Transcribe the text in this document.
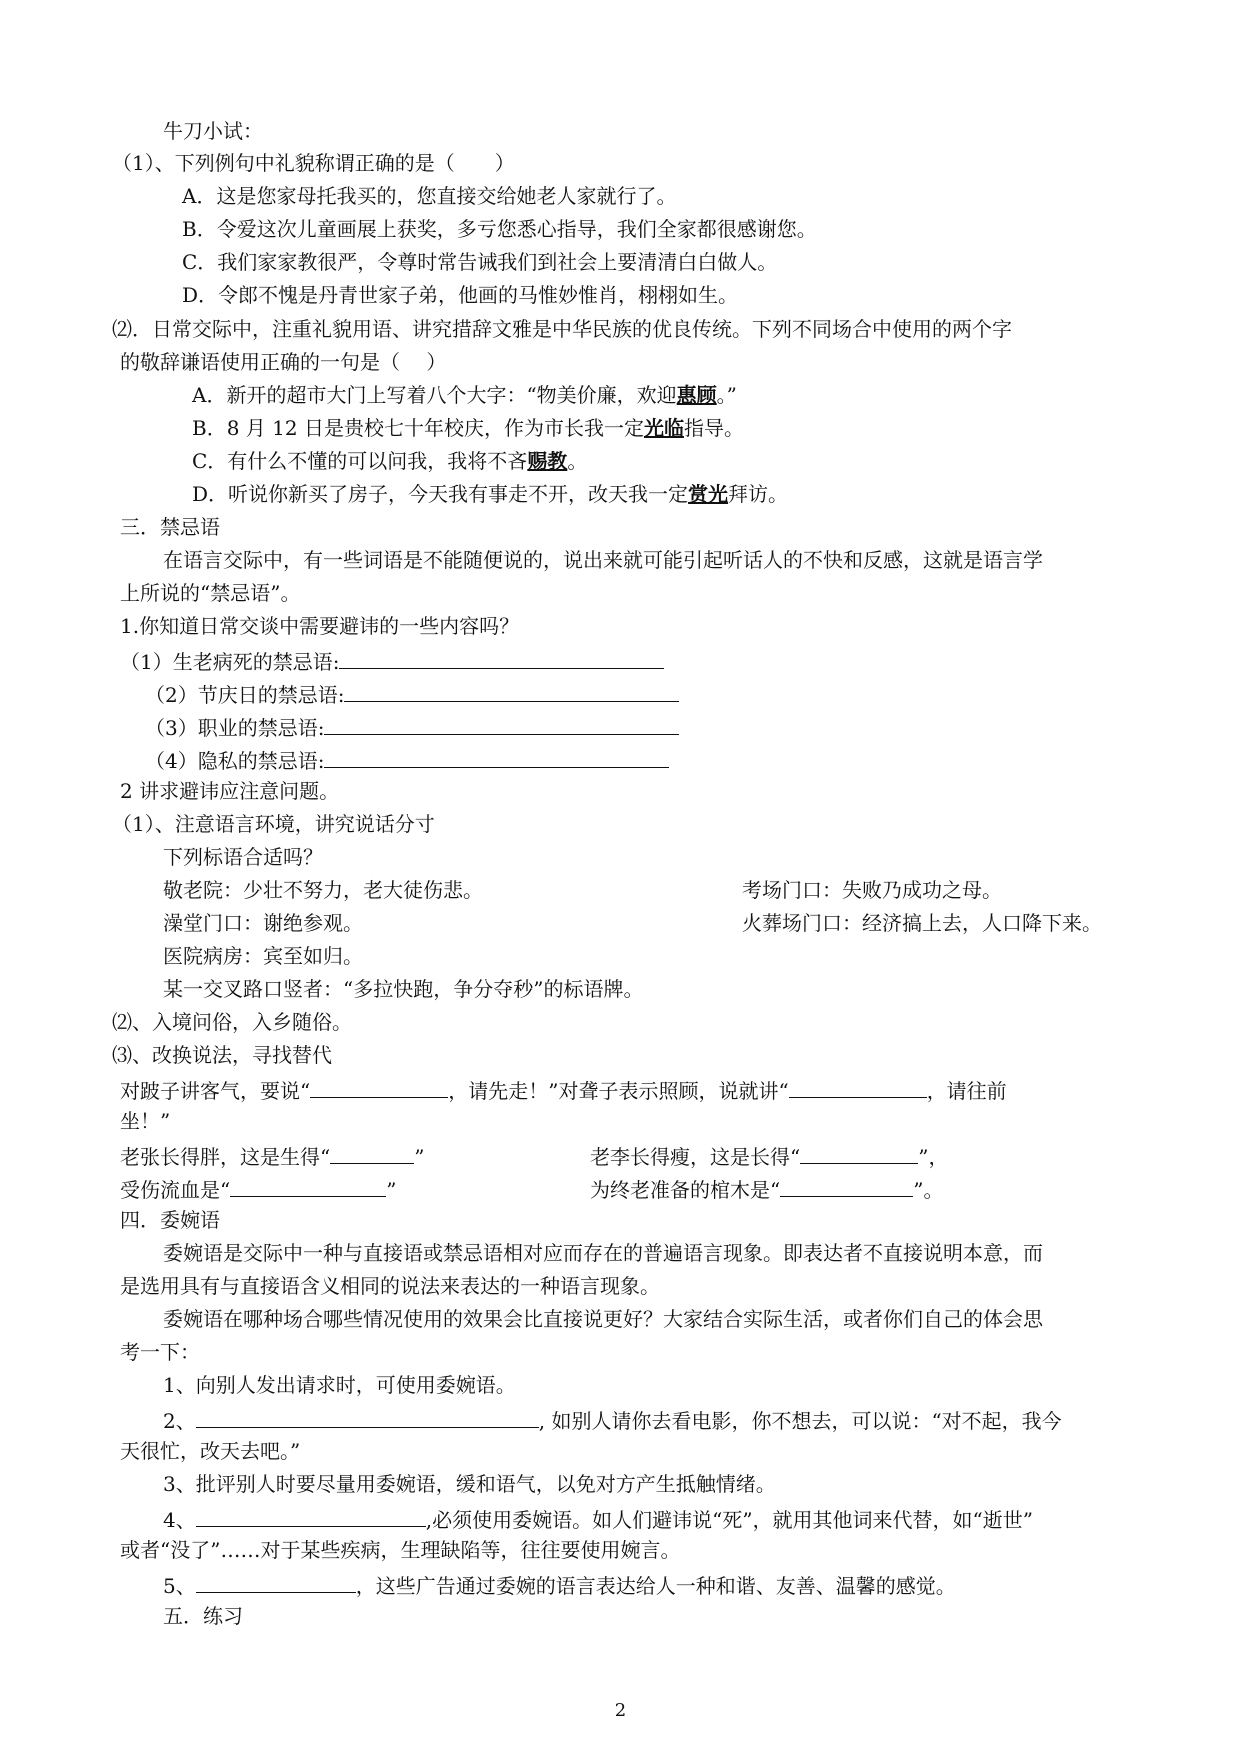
牛刀小试：
（1）、下列例句中礼貌称谓正确的是（　　）
A．这是您家母托我买的，您直接交给她老人家就行了。
B．令爱这次儿童画展上获奖，多亏您悉心指导，我们全家都很感谢您。
C．我们家家教很严，令尊时常告诫我们到社会上要清清白白做人。
D．令郎不愧是丹青世家子弟，他画的马惟妙惟肖，栩栩如生。
⑵．日常交际中，注重礼貌用语、讲究措辞文雅是中华民族的优良传统。下列不同场合中使用的两个字
的敬辞谦语使用正确的一句是（　 ）
A．新开的超市大门上写着八个大字：“物美价廉，欢迎惠顾。”
B．8 月 12 日是贵校七十年校庆，作为市长我一定光临指导。
C．有什么不懂的可以问我，我将不吝赐教。
D．听说你新买了房子，今天我有事走不开，改天我一定赏光拜访。
三．禁忌语
在语言交际中，有一些词语是不能随便说的，说出来就可能引起听话人的不快和反感，这就是语言学
上所说的“禁忌语”。
1.你知道日常交谈中需要避讳的一些内容吗？
（1）生老病死的禁忌语:
（2）节庆日的禁忌语:
（3）职业的禁忌语:
（4）隐私的禁忌语:
2 讲求避讳应注意问题。
（1）、注意语言环境，讲究说话分寸
下列标语合适吗？
敬老院：少壮不努力，老大徒伤悲。	考场门口：失败乃成功之母。
澡堂门口：谢绝参观。	火葬场门口：经济搞上去，人口降下来。
医院病房：宾至如归。
某一交叉路口竖者：“多拉快跑，争分夺秒”的标语牌。
⑵、入境问俗，入乡随俗。
⑶、改换说法，寻找替代
对跛子讲客气，要说“	，请先走！”对聋子表示照顾，说就讲“	，请往前
坐！”
老张长得胖，这是生得“	”	老李长得瘦，这是长得“	”，
受伤流血是“	”	为终老准备的棺木是“	”。
四．委婉语
委婉语是交际中一种与直接语或禁忌语相对应而存在的普遍语言现象。即表达者不直接说明本意，而
是选用具有与直接语含义相同的说法来表达的一种语言现象。
委婉语在哪种场合哪些情况使用的效果会比直接说更好？大家结合实际生活，或者你们自己的体会思
考一下：
1、向别人发出请求时，可使用委婉语。
2、	, 如别人请你去看电影，你不想去，可以说：“对不起，我今
天很忙，改天去吧。”
3、批评别人时要尽量用委婉语，缓和语气，以免对方产生抵触情绪。
4、	,必须使用委婉语。如人们避讳说“死”，就用其他词来代替，如“逝世”
或者“没了”……对于某些疾病，生理缺陷等，往往要使用婉言。
5、	，这些广告通过委婉的语言表达给人一种和谐、友善、温馨的感觉。
五．练习
2
